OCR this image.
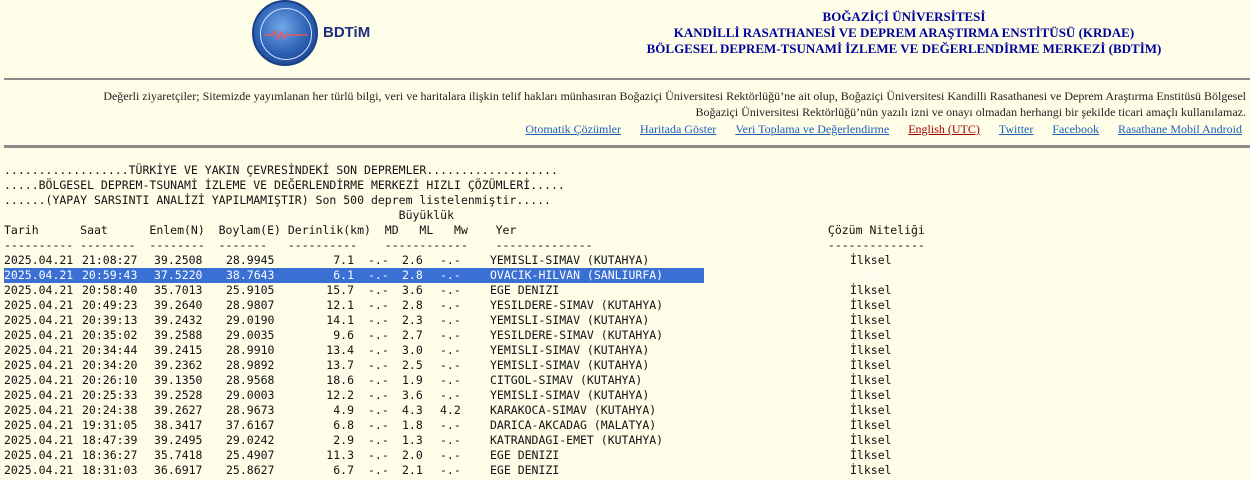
BDTiM
BOĞAZİÇİ ÜNİVERSİTESİ
KANDİLLİ RASATHANESİ VE DEPREM ARAŞTIRMA ENSTİTÜSÜ (KRDAE)
BÖLGESEL DEPREM-TSUNAMİ İZLEME VE DEĞERLENDİRME MERKEZİ (BDTİM)
Değerli ziyaretçiler; Sitemizde yayımlanan her türlü bilgi, veri ve haritalara ilişkin telif hakları münhasıran Boğaziçi Üniversitesi Rektörlüğü’ne ait olup, Boğaziçi Üniversitesi Kandilli Rasathanesi ve Deprem Araştırma Enstitüsü Bölgesel
Boğaziçi Üniversitesi Rektörlüğü’nün yazılı izni ve onayı olmadan herhangi bir şekilde ticari amaçlı kullanılamaz.
Otomatik Çözümler Haritada Göster Veri Toplama ve Değerlendirme English (UTC) Twitter Facebook Rasathane Mobil Android
..................TÜRKİYE VE YAKIN ÇEVRESİNDEKİ SON DEPREMLER...................
.....BÖLGESEL DEPREM-TSUNAMİ İZLEME VE DEĞERLENDİRME MERKEZİ HIZLI ÇÖZÜMLERİ.....
......(YAPAY SARSINTI ANALİZİ YAPILMAMIŞTIR) Son 500 deprem listelenmiştir.....
Büyüklük
Tarih      Saat      Enlem(N)  Boylam(E) Derinlik(km)  MD   ML   Mw    Yer                                             Çözüm Niteliği
---------- --------  --------  -------   ----------    ------------    --------------                                  --------------
2025.04.21 21:08:27 39.2508 28.9945	7.1 -.- 2.6 -.-	YEMISLI-SIMAV (KUTAHYA)	İlksel
2025.04.21 20:59:43 37.5220 38.7643	6.1 -.- 2.8 -.-	OVACIK-HILVAN (SANLIURFA)	İlksel
2025.04.21 20:58:40 35.7013 25.9105	15.7 -.- 3.6 -.-	EGE DENIZI	İlksel
2025.04.21 20:49:23 39.2640 28.9807	12.1 -.- 2.8 -.-	YESILDERE-SIMAV (KUTAHYA)	İlksel
2025.04.21 20:39:13 39.2432 29.0190	14.1 -.- 2.3 -.-	YEMISLI-SIMAV (KUTAHYA)	İlksel
2025.04.21 20:35:02 39.2588 29.0035	9.6 -.- 2.7 -.-	YESILDERE-SIMAV (KUTAHYA)	İlksel
2025.04.21 20:34:44 39.2415 28.9910	13.4 -.- 3.0 -.-	YEMISLI-SIMAV (KUTAHYA)	İlksel
2025.04.21 20:34:20 39.2362 28.9892	13.7 -.- 2.5 -.-	YEMISLI-SIMAV (KUTAHYA)	İlksel
2025.04.21 20:26:10 39.1350 28.9568	18.6 -.- 1.9 -.-	CITGOL-SIMAV (KUTAHYA)	İlksel
2025.04.21 20:25:33 39.2528 29.0003	12.2 -.- 3.6 -.-	YEMISLI-SIMAV (KUTAHYA)	İlksel
2025.04.21 20:24:38 39.2627 28.9673	4.9 -.- 4.3 4.2	KARAKOCA-SIMAV (KUTAHYA)	İlksel
2025.04.21 19:31:05 38.3417 37.6167	6.8 -.- 1.8 -.-	DARICA-AKCADAG (MALATYA)	İlksel
2025.04.21 18:47:39 39.2495 29.0242	2.9 -.- 1.3 -.-	KATRANDAGI-EMET (KUTAHYA)	İlksel
2025.04.21 18:36:27 35.7418 25.4907	11.3 -.- 2.0 -.-	EGE DENIZI	İlksel
2025.04.21 18:31:03 36.6917 25.8627	6.7 -.- 2.1 -.-	EGE DENIZI	İlksel
